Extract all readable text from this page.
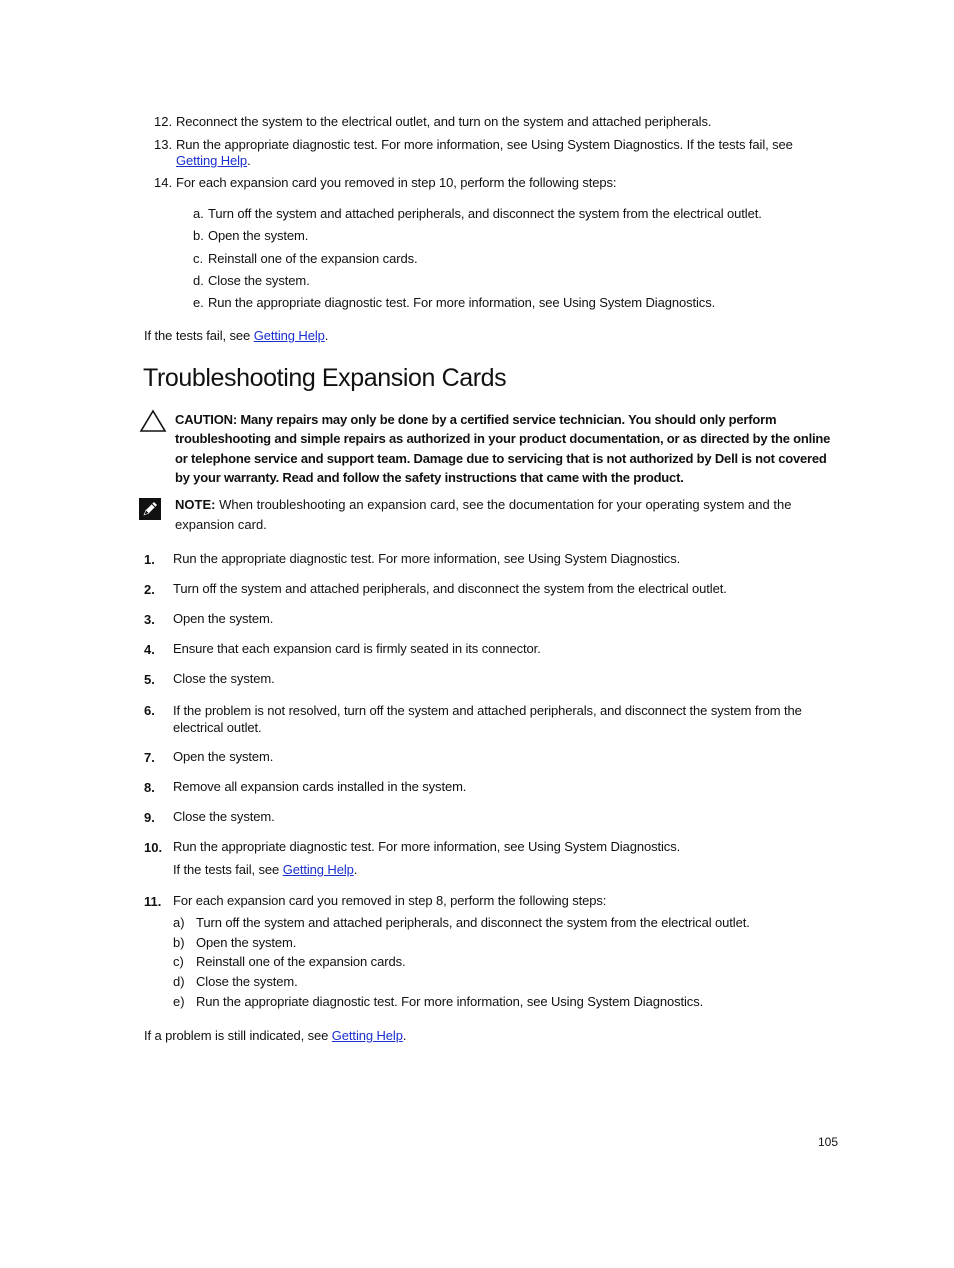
12. Reconnect the system to the electrical outlet, and turn on the system and attached peripherals.
13. Run the appropriate diagnostic test. For more information, see Using System Diagnostics. If the tests fail, see
Getting Help.
14. For each expansion card you removed in step 10, perform the following steps:
a. Turn off the system and attached peripherals, and disconnect the system from the electrical outlet.
b. Open the system.
c. Reinstall one of the expansion cards.
d. Close the system.
e. Run the appropriate diagnostic test. For more information, see Using System Diagnostics.
If the tests fail, see Getting Help.
Troubleshooting Expansion Cards
CAUTION: Many repairs may only be done by a certified service technician. You should only perform troubleshooting and simple repairs as authorized in your product documentation, or as directed by the online or telephone service and support team. Damage due to servicing that is not authorized by Dell is not covered by your warranty. Read and follow the safety instructions that came with the product.
NOTE: When troubleshooting an expansion card, see the documentation for your operating system and the expansion card.
1. Run the appropriate diagnostic test. For more information, see Using System Diagnostics.
2. Turn off the system and attached peripherals, and disconnect the system from the electrical outlet.
3. Open the system.
4. Ensure that each expansion card is firmly seated in its connector.
5. Close the system.
6. If the problem is not resolved, turn off the system and attached peripherals, and disconnect the system from the electrical outlet.
7. Open the system.
8. Remove all expansion cards installed in the system.
9. Close the system.
10. Run the appropriate diagnostic test. For more information, see Using System Diagnostics.
If the tests fail, see Getting Help.
11. For each expansion card you removed in step 8, perform the following steps:
a) Turn off the system and attached peripherals, and disconnect the system from the electrical outlet.
b) Open the system.
c) Reinstall one of the expansion cards.
d) Close the system.
e) Run the appropriate diagnostic test. For more information, see Using System Diagnostics.
If a problem is still indicated, see Getting Help.
105
